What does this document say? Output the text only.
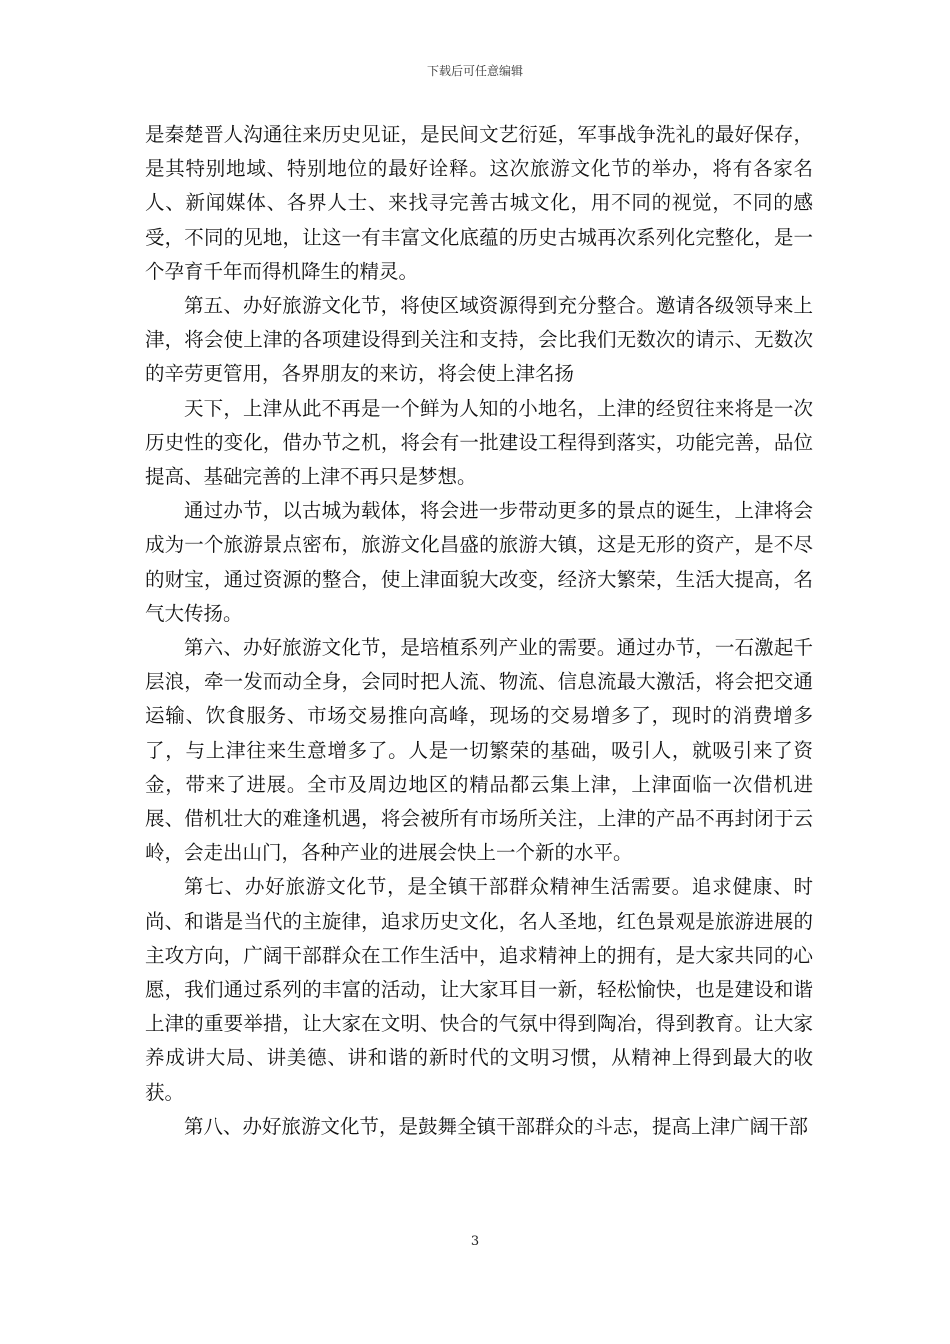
下载后可任意编辑

是秦楚晋人沟通往来历史见证，是民间文艺衍延，军事战争洗礼的最好保存，是其特别地域、特别地位的最好诠释。这次旅游文化节的举办，将有各家名人、新闻媒体、各界人士、来找寻完善古城文化，用不同的视觉，不同的感受，不同的见地，让这一有丰富文化底蕴的历史古城再次系列化完整化，是一个孕育千年而得机降生的精灵。

第五、办好旅游文化节，将使区域资源得到充分整合。邀请各级领导来上津，将会使上津的各项建设得到关注和支持，会比我们无数次的请示、无数次的辛劳更管用，各界朋友的来访，将会使上津名扬

天下，上津从此不再是一个鲜为人知的小地名，上津的经贸往来将是一次历史性的变化，借办节之机，将会有一批建设工程得到落实，功能完善，品位提高、基础完善的上津不再只是梦想。

通过办节，以古城为载体，将会进一步带动更多的景点的诞生，上津将会成为一个旅游景点密布，旅游文化昌盛的旅游大镇，这是无形的资产，是不尽的财宝，通过资源的整合，使上津面貌大改变，经济大繁荣，生活大提高，名气大传扬。

第六、办好旅游文化节，是培植系列产业的需要。通过办节，一石激起千层浪，牵一发而动全身，会同时把人流、物流、信息流最大激活，将会把交通运输、饮食服务、市场交易推向高峰，现场的交易增多了，现时的消费增多了，与上津往来生意增多了。人是一切繁荣的基础，吸引人，就吸引来了资金，带来了进展。全市及周边地区的精品都云集上津，上津面临一次借机进展、借机壮大的难逢机遇，将会被所有市场所关注，上津的产品不再封闭于云岭，会走出山门，各种产业的进展会快上一个新的水平。

第七、办好旅游文化节，是全镇干部群众精神生活需要。追求健康、时尚、和谐是当代的主旋律，追求历史文化，名人圣地，红色景观是旅游进展的主攻方向，广阔干部群众在工作生活中，追求精神上的拥有，是大家共同的心愿，我们通过系列的丰富的活动，让大家耳目一新，轻松愉快，也是建设和谐上津的重要举措，让大家在文明、快合的气氛中得到陶冶，得到教育。让大家养成讲大局、讲美德、讲和谐的新时代的文明习惯，从精神上得到最大的收获。

第八、办好旅游文化节，是鼓舞全镇干部群众的斗志，提高上津广阔干部

3
